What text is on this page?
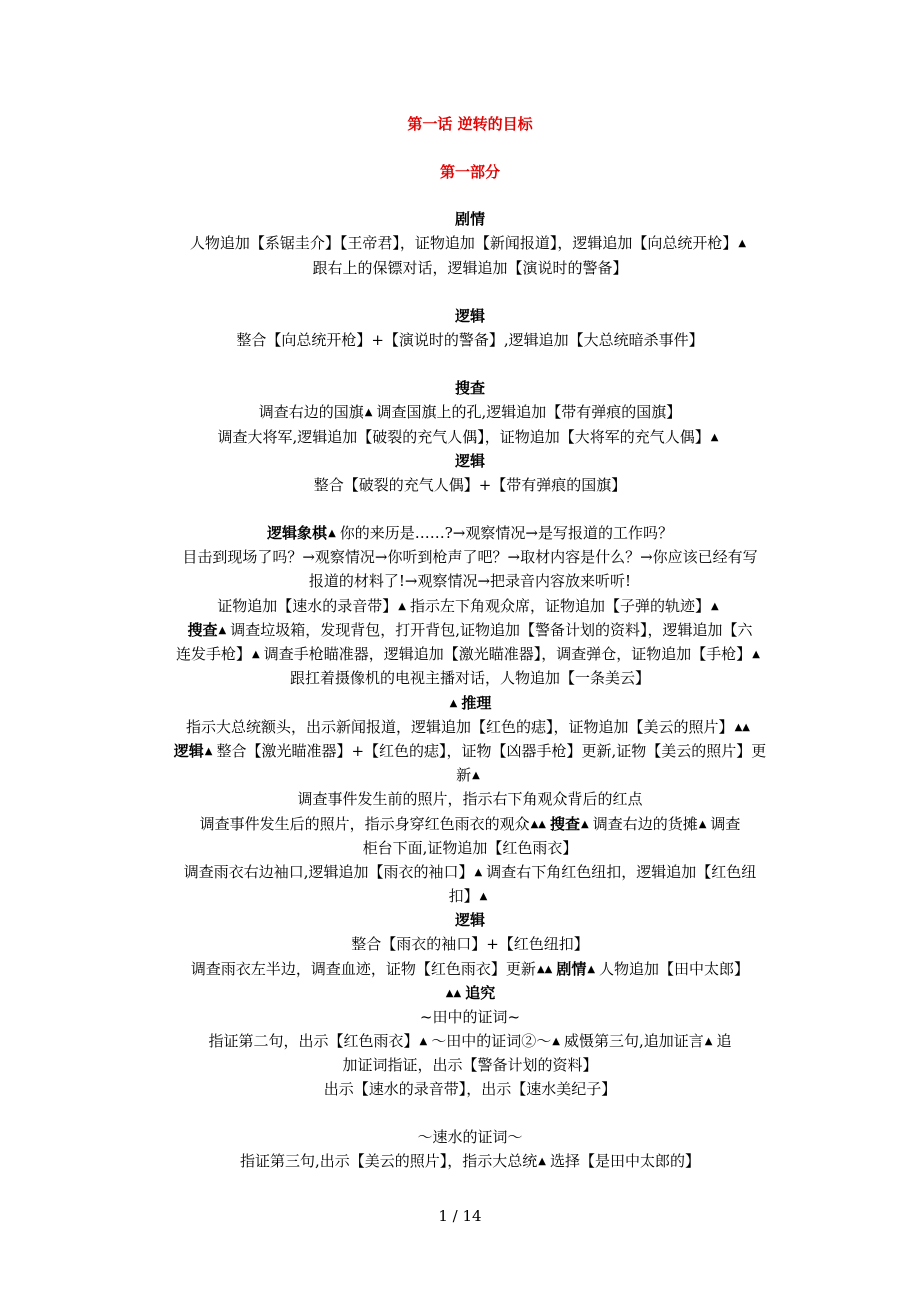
第一话 逆转的目标
第一部分
剧情
人物追加【系锯圭介】【王帝君】，证物追加【新闻报道】，逻辑追加【向总统开枪】▲
跟右上的保镖对话，逻辑追加【演说时的警备】
逻辑
整合【向总统开枪】+【演说时的警备】,逻辑追加【大总统暗杀事件】
搜查
调查右边的国旗▲ 调查国旗上的孔,逻辑追加【带有弹痕的国旗】
调查大将军,逻辑追加【破裂的充气人偶】，证物追加【大将军的充气人偶】▲
逻辑
整合【破裂的充气人偶】+【带有弹痕的国旗】
逻辑象棋▲ 你的来历是……?→观察情况→是写报道的工作吗？
目击到现场了吗？→观察情况→你听到枪声了吧？→取材内容是什么？→你应该已经有写
报道的材料了!→观察情况→把录音内容放来听听!
证物追加【速水的录音带】▲ 指示左下角观众席，证物追加【子弹的轨迹】▲
搜查▲ 调查垃圾箱，发现背包，打开背包,证物追加【警备计划的资料】，逻辑追加【六
连发手枪】▲ 调查手枪瞄准器，逻辑追加【激光瞄准器】，调查弹仓，证物追加【手枪】▲
跟扛着摄像机的电视主播对话，人物追加【一条美云】
▲ 推理
指示大总统额头，出示新闻报道，逻辑追加【红色的痣】，证物追加【美云的照片】▲▲
逻辑▲ 整合【激光瞄准器】+【红色的痣】，证物【凶器手枪】更新,证物【美云的照片】更
新▲
调查事件发生前的照片，指示右下角观众背后的红点
调查事件发生后的照片，指示身穿红色雨衣的观众▲▲ 搜查▲ 调查右边的货摊▲ 调查
柜台下面,证物追加【红色雨衣】
调查雨衣右边袖口,逻辑追加【雨衣的袖口】▲ 调查右下角红色纽扣，逻辑追加【红色纽
扣】▲
逻辑
整合【雨衣的袖口】+【红色纽扣】
调查雨衣左半边，调查血迹，证物【红色雨衣】更新▲▲ 剧情▲ 人物追加【田中太郎】
▲▲ 追究
~田中的证词~
指证第二句，出示【红色雨衣】▲ ～田中的证词②～▲ 威慑第三句,追加证言▲ 追
加证词指证，出示【警备计划的资料】
出示【速水的录音带】，出示【速水美纪子】
～速水的证词～
指证第三句,出示【美云的照片】，指示大总统▲ 选择【是田中太郎的】
1 / 14
